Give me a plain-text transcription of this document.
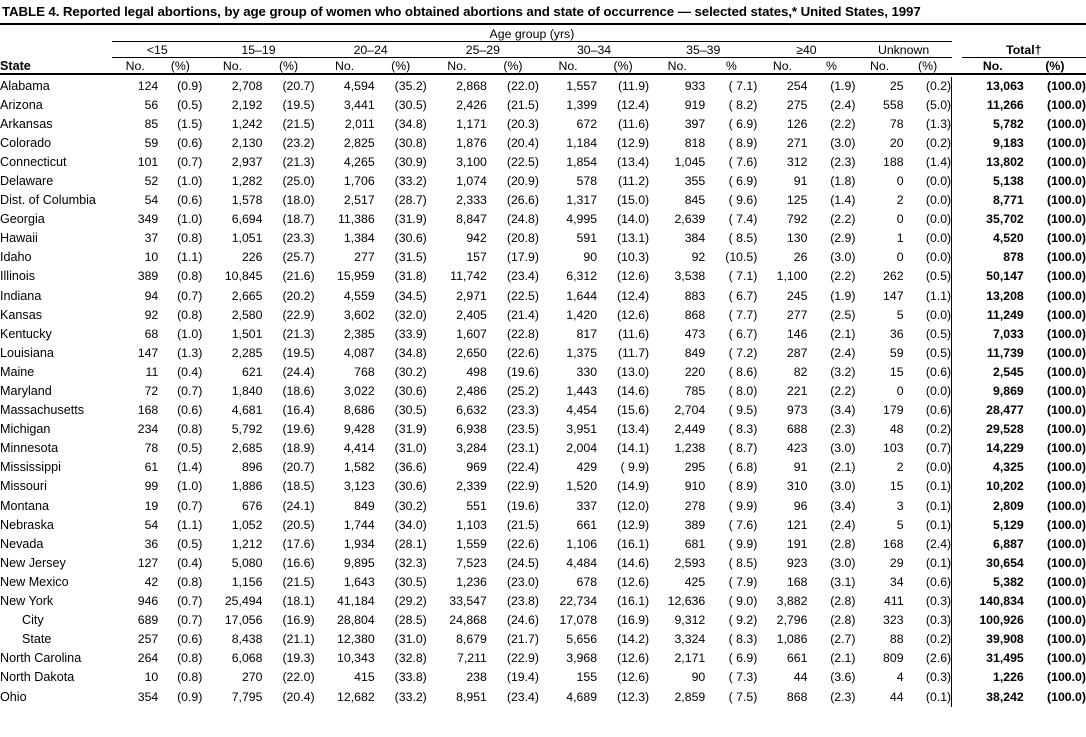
TABLE 4. Reported legal abortions, by age group of women who obtained abortions and state of occurrence — selected states,* United States, 1997

	Age group (yrs)																		

	<15		15–19		20–24		25–29		30–34		35–39		≥40		Unknown			Total†	

State	No.	(%)	No.	(%)	No.	(%)	No.	(%)	No.	(%)	No.	%	No.	%	No.	(%)		No.	(%)

Alabama	124	(0.9)	2,708	(20.7)	4,594	(35.2)	2,868	(22.0)	1,557	(11.9)	933	( 7.1)	254	(1.9)	25	(0.2)		13,063	(100.0)
Arizona	56	(0.5)	2,192	(19.5)	3,441	(30.5)	2,426	(21.5)	1,399	(12.4)	919	( 8.2)	275	(2.4)	558	(5.0)		11,266	(100.0)
Arkansas	85	(1.5)	1,242	(21.5)	2,011	(34.8)	1,171	(20.3)	672	(11.6)	397	( 6.9)	126	(2.2)	78	(1.3)		5,782	(100.0)
Colorado	59	(0.6)	2,130	(23.2)	2,825	(30.8)	1,876	(20.4)	1,184	(12.9)	818	( 8.9)	271	(3.0)	20	(0.2)		9,183	(100.0)
Connecticut	101	(0.7)	2,937	(21.3)	4,265	(30.9)	3,100	(22.5)	1,854	(13.4)	1,045	( 7.6)	312	(2.3)	188	(1.4)		13,802	(100.0)
Delaware	52	(1.0)	1,282	(25.0)	1,706	(33.2)	1,074	(20.9)	578	(11.2)	355	( 6.9)	91	(1.8)	0	(0.0)		5,138	(100.0)
Dist. of Columbia	54	(0.6)	1,578	(18.0)	2,517	(28.7)	2,333	(26.6)	1,317	(15.0)	845	( 9.6)	125	(1.4)	2	(0.0)		8,771	(100.0)
Georgia	349	(1.0)	6,694	(18.7)	11,386	(31.9)	8,847	(24.8)	4,995	(14.0)	2,639	( 7.4)	792	(2.2)	0	(0.0)		35,702	(100.0)
Hawaii	37	(0.8)	1,051	(23.3)	1,384	(30.6)	942	(20.8)	591	(13.1)	384	( 8.5)	130	(2.9)	1	(0.0)		4,520	(100.0)
Idaho	10	(1.1)	226	(25.7)	277	(31.5)	157	(17.9)	90	(10.3)	92	(10.5)	26	(3.0)	0	(0.0)		878	(100.0)
Illinois	389	(0.8)	10,845	(21.6)	15,959	(31.8)	11,742	(23.4)	6,312	(12.6)	3,538	( 7.1)	1,100	(2.2)	262	(0.5)		50,147	(100.0)
Indiana	94	(0.7)	2,665	(20.2)	4,559	(34.5)	2,971	(22.5)	1,644	(12.4)	883	( 6.7)	245	(1.9)	147	(1.1)		13,208	(100.0)
Kansas	92	(0.8)	2,580	(22.9)	3,602	(32.0)	2,405	(21.4)	1,420	(12.6)	868	( 7.7)	277	(2.5)	5	(0.0)		11,249	(100.0)
Kentucky	68	(1.0)	1,501	(21.3)	2,385	(33.9)	1,607	(22.8)	817	(11.6)	473	( 6.7)	146	(2.1)	36	(0.5)		7,033	(100.0)
Louisiana	147	(1.3)	2,285	(19.5)	4,087	(34.8)	2,650	(22.6)	1,375	(11.7)	849	( 7.2)	287	(2.4)	59	(0.5)		11,739	(100.0)
Maine	11	(0.4)	621	(24.4)	768	(30.2)	498	(19.6)	330	(13.0)	220	( 8.6)	82	(3.2)	15	(0.6)		2,545	(100.0)
Maryland	72	(0.7)	1,840	(18.6)	3,022	(30.6)	2,486	(25.2)	1,443	(14.6)	785	( 8.0)	221	(2.2)	0	(0.0)		9,869	(100.0)
Massachusetts	168	(0.6)	4,681	(16.4)	8,686	(30.5)	6,632	(23.3)	4,454	(15.6)	2,704	( 9.5)	973	(3.4)	179	(0.6)		28,477	(100.0)
Michigan	234	(0.8)	5,792	(19.6)	9,428	(31.9)	6,938	(23.5)	3,951	(13.4)	2,449	( 8.3)	688	(2.3)	48	(0.2)		29,528	(100.0)
Minnesota	78	(0.5)	2,685	(18.9)	4,414	(31.0)	3,284	(23.1)	2,004	(14.1)	1,238	( 8.7)	423	(3.0)	103	(0.7)		14,229	(100.0)
Mississippi	61	(1.4)	896	(20.7)	1,582	(36.6)	969	(22.4)	429	( 9.9)	295	( 6.8)	91	(2.1)	2	(0.0)		4,325	(100.0)
Missouri	99	(1.0)	1,886	(18.5)	3,123	(30.6)	2,339	(22.9)	1,520	(14.9)	910	( 8.9)	310	(3.0)	15	(0.1)		10,202	(100.0)
Montana	19	(0.7)	676	(24.1)	849	(30.2)	551	(19.6)	337	(12.0)	278	( 9.9)	96	(3.4)	3	(0.1)		2,809	(100.0)
Nebraska	54	(1.1)	1,052	(20.5)	1,744	(34.0)	1,103	(21.5)	661	(12.9)	389	( 7.6)	121	(2.4)	5	(0.1)		5,129	(100.0)
Nevada	36	(0.5)	1,212	(17.6)	1,934	(28.1)	1,559	(22.6)	1,106	(16.1)	681	( 9.9)	191	(2.8)	168	(2.4)		6,887	(100.0)
New Jersey	127	(0.4)	5,080	(16.6)	9,895	(32.3)	7,523	(24.5)	4,484	(14.6)	2,593	( 8.5)	923	(3.0)	29	(0.1)		30,654	(100.0)
New Mexico	42	(0.8)	1,156	(21.5)	1,643	(30.5)	1,236	(23.0)	678	(12.6)	425	( 7.9)	168	(3.1)	34	(0.6)		5,382	(100.0)
New York	946	(0.7)	25,494	(18.1)	41,184	(29.2)	33,547	(23.8)	22,734	(16.1)	12,636	( 9.0)	3,882	(2.8)	411	(0.3)		140,834	(100.0)
City	689	(0.7)	17,056	(16.9)	28,804	(28.5)	24,868	(24.6)	17,078	(16.9)	9,312	( 9.2)	2,796	(2.8)	323	(0.3)		100,926	(100.0)
State	257	(0.6)	8,438	(21.1)	12,380	(31.0)	8,679	(21.7)	5,656	(14.2)	3,324	( 8.3)	1,086	(2.7)	88	(0.2)		39,908	(100.0)
North Carolina	264	(0.8)	6,068	(19.3)	10,343	(32.8)	7,211	(22.9)	3,968	(12.6)	2,171	( 6.9)	661	(2.1)	809	(2.6)		31,495	(100.0)
North Dakota	10	(0.8)	270	(22.0)	415	(33.8)	238	(19.4)	155	(12.6)	90	( 7.3)	44	(3.6)	4	(0.3)		1,226	(100.0)
Ohio	354	(0.9)	7,795	(20.4)	12,682	(33.2)	8,951	(23.4)	4,689	(12.3)	2,859	( 7.5)	868	(2.3)	44	(0.1)		38,242	(100.0)
